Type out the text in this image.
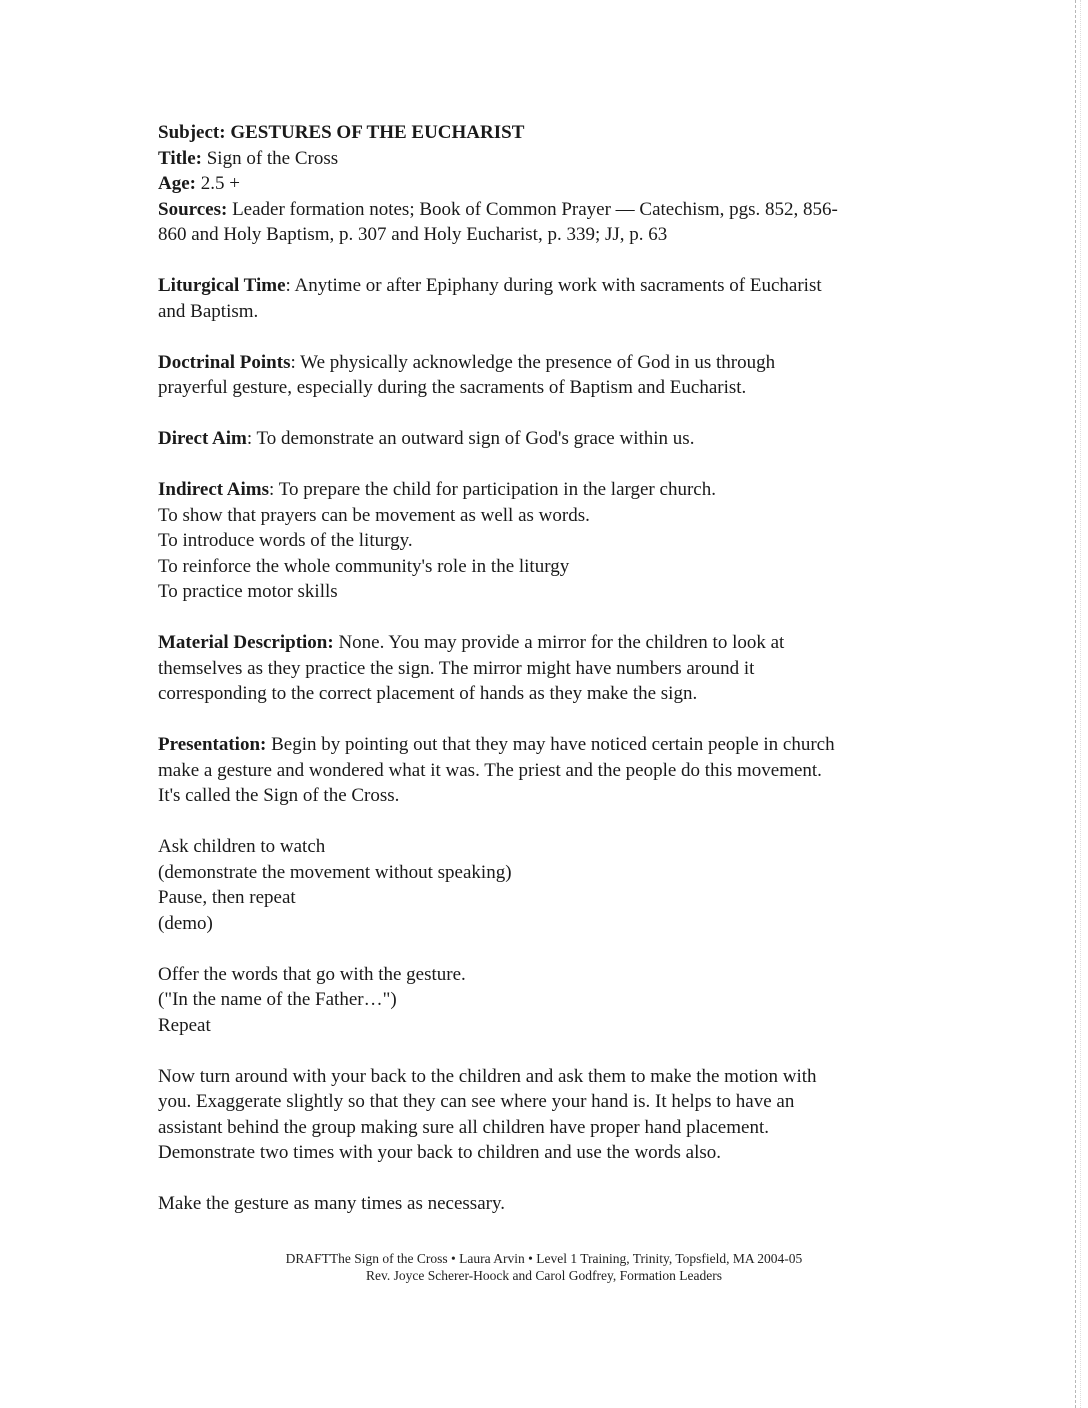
Subject: GESTURES OF THE EUCHARIST
Title: Sign of the Cross
Age: 2.5 +
Sources: Leader formation notes; Book of Common Prayer — Catechism, pgs. 852, 856-
860 and Holy Baptism, p. 307 and Holy Eucharist, p. 339; JJ, p. 63
Liturgical Time: Anytime or after Epiphany during work with sacraments of Eucharist
and Baptism.
Doctrinal Points: We physically acknowledge the presence of God in us through
prayerful gesture, especially during the sacraments of Baptism and Eucharist.
Direct Aim: To demonstrate an outward sign of God's grace within us.
Indirect Aims: To prepare the child for participation in the larger church.
To show that prayers can be movement as well as words.
To introduce words of the liturgy.
To reinforce the whole community's role in the liturgy
To practice motor skills
Material Description: None. You may provide a mirror for the children to look at
themselves as they practice the sign. The mirror might have numbers around it
corresponding to the correct placement of hands as they make the sign.
Presentation: Begin by pointing out that they may have noticed certain people in church
make a gesture and wondered what it was. The priest and the people do this movement.
It's called the Sign of the Cross.
Ask children to watch
(demonstrate the movement without speaking)
Pause, then repeat
(demo)
Offer the words that go with the gesture.
("In the name of the Father…")
Repeat
Now turn around with your back to the children and ask them to make the motion with
you. Exaggerate slightly so that they can see where your hand is. It helps to have an
assistant behind the group making sure all children have proper hand placement.
Demonstrate two times with your back to children and use the words also.
Make the gesture as many times as necessary.
DRAFTThe Sign of the Cross • Laura Arvin • Level 1 Training, Trinity, Topsfield, MA 2004-05
Rev. Joyce Scherer-Hoock and Carol Godfrey, Formation Leaders
